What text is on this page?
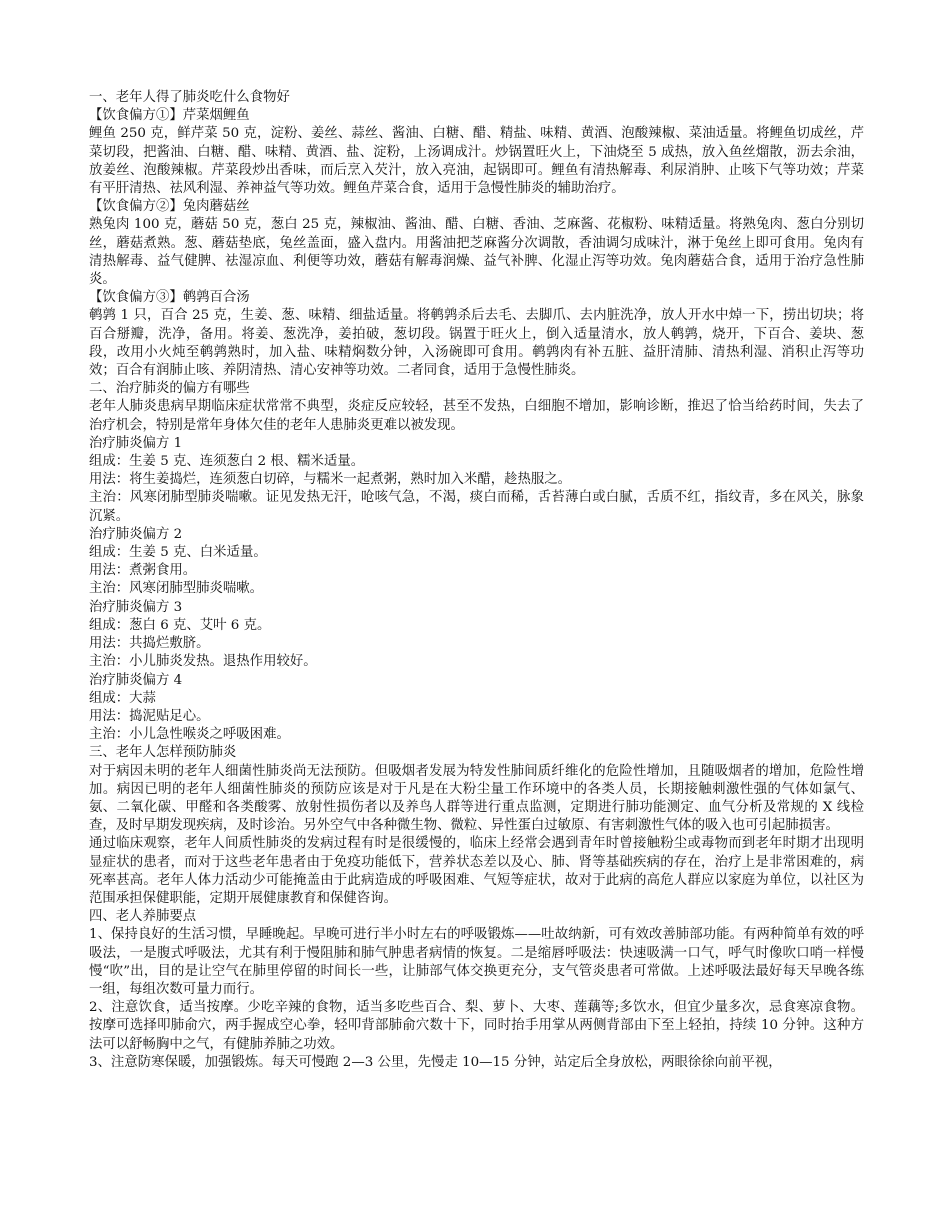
一、老年人得了肺炎吃什么食物好

【饮食偏方①】芹菜烟鲤鱼

鲤鱼 250 克，鲜芹菜 50 克，淀粉、姜丝、蒜丝、酱油、白糖、醋、精盐、味精、黄酒、泡酸辣椒、菜油适量。将鲤鱼切成丝，芹菜切段，把酱油、白糖、醋、味精、黄酒、盐、淀粉，上汤调成汁。炒锅置旺火上，下油烧至 5 成热，放入鱼丝熘散，沥去余油，放姜丝、泡酸辣椒。芹菜段炒出香味，而后烹入芡汁，放入亮油，起锅即可。鲤鱼有清热解毒、利尿消肿、止咳下气等功效；芹菜有平肝清热、祛风利湿、养神益气等功效。鲤鱼芹菜合食，适用于急慢性肺炎的辅助治疗。

【饮食偏方②】兔肉蘑菇丝

熟兔肉 100 克，蘑菇 50 克，葱白 25 克，辣椒油、酱油、醋、白糖、香油、芝麻酱、花椒粉、味精适量。将熟兔肉、葱白分别切丝，蘑菇煮熟。葱、蘑菇垫底，兔丝盖面，盛入盘内。用酱油把芝麻酱分次调散，香油调匀成味汁，淋于兔丝上即可食用。兔肉有清热解毒、益气健脾、祛湿凉血、利便等功效，蘑菇有解毒润燥、益气补脾、化湿止泻等功效。兔肉蘑菇合食，适用于治疗急性肺炎。

【饮食偏方③】鹌鹑百合汤

鹌鹑 1 只，百合 25 克，生姜、葱、味精、细盐适量。将鹌鹑杀后去毛、去脚爪、去内脏洗净，放人开水中焯一下，捞出切块；将百合掰瓣，洗净，备用。将姜、葱洗净，姜拍破，葱切段。锅置于旺火上，倒入适量清水，放人鹌鹑，烧开，下百合、姜块、葱段，改用小火炖至鹌鹑熟时，加入盐、味精焖数分钟，入汤碗即可食用。鹌鹑肉有补五脏、益肝清肺、清热利湿、消积止泻等功效；百合有润肺止咳、养阴清热、清心安神等功效。二者同食，适用于急慢性肺炎。

二、治疗肺炎的偏方有哪些

老年人肺炎患病早期临床症状常常不典型，炎症反应较轻，甚至不发热，白细胞不增加，影响诊断，推迟了恰当给药时间，失去了治疗机会，特别是常年身体欠佳的老年人患肺炎更难以被发现。

治疗肺炎偏方 1

组成：生姜 5 克、连须葱白 2 根、糯米适量。

用法：将生姜捣烂，连须葱白切碎，与糯米一起煮粥，熟时加入米醋，趁热服之。

主治：风寒闭肺型肺炎喘嗽。证见发热无汗，呛咳气急，不渴，痰白而稀，舌苔薄白或白腻，舌质不红，指纹青，多在风关，脉象沉紧。

治疗肺炎偏方 2

组成：生姜 5 克、白米适量。

用法：煮粥食用。

主治：风寒闭肺型肺炎喘嗽。

治疗肺炎偏方 3

组成：葱白 6 克、艾叶 6 克。

用法：共捣烂敷脐。

主治：小儿肺炎发热。退热作用较好。

治疗肺炎偏方 4

组成：大蒜

用法：捣泥贴足心。

主治：小儿急性喉炎之呼吸困难。

三、老年人怎样预防肺炎

对于病因未明的老年人细菌性肺炎尚无法预防。但吸烟者发展为特发性肺间质纤维化的危险性增加，且随吸烟者的增加，危险性增加。病因已明的老年人细菌性肺炎的预防应该是对于凡是在大粉尘量工作环境中的各类人员，长期接触刺激性强的气体如氯气、氨、二氧化碳、甲醛和各类酸雾、放射性损伤者以及养鸟人群等进行重点监测，定期进行肺功能测定、血气分析及常规的 X 线检查，及时早期发现疾病，及时诊治。另外空气中各种微生物、微粒、异性蛋白过敏原、有害刺激性气体的吸入也可引起肺损害。

通过临床观察，老年人间质性肺炎的发病过程有时是很缓慢的，临床上经常会遇到青年时曾接触粉尘或毒物而到老年时期才出现明显症状的患者，而对于这些老年患者由于免疫功能低下，营养状态差以及心、肺、肾等基础疾病的存在，治疗上是非常困难的，病死率甚高。老年人体力活动少可能掩盖由于此病造成的呼吸困难、气短等症状，故对于此病的高危人群应以家庭为单位，以社区为范围承担保健职能，定期开展健康教育和保健咨询。

四、老人养肺要点

1、保持良好的生活习惯，早睡晚起。早晚可进行半小时左右的呼吸锻炼——吐故纳新，可有效改善肺部功能。有两种简单有效的呼吸法，一是腹式呼吸法，尤其有利于慢阻肺和肺气肿患者病情的恢复。二是缩唇呼吸法：快速吸满一口气，呼气时像吹口哨一样慢慢“吹”出，目的是让空气在肺里停留的时间长一些，让肺部气体交换更充分，支气管炎患者可常做。上述呼吸法最好每天早晚各练一组，每组次数可量力而行。

2、注意饮食，适当按摩。少吃辛辣的食物，适当多吃些百合、梨、萝卜、大枣、莲藕等;多饮水，但宜少量多次，忌食寒凉食物。按摩可选择叩肺俞穴，两手握成空心拳，轻叩背部肺俞穴数十下，同时抬手用掌从两侧背部由下至上轻拍，持续 10 分钟。这种方法可以舒畅胸中之气，有健肺养肺之功效。

3、注意防寒保暖，加强锻炼。每天可慢跑 2—3 公里，先慢走 10—15 分钟，站定后全身放松，两眼徐徐向前平视，
